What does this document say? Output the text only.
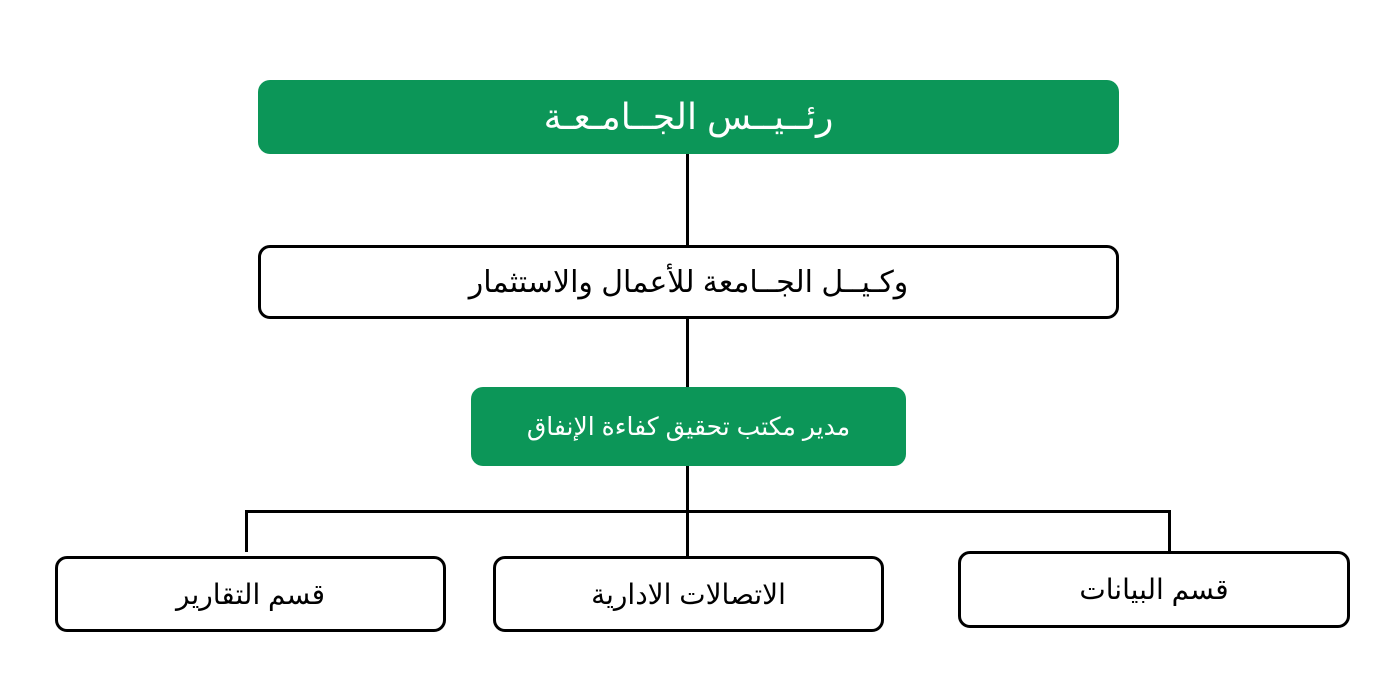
رئــيــس الجــامـعـة
وكـيــل الجــامعة للأعمال والاستثمار
مدير مكتب تحقيق كفاءة الإنفاق
قسم التقارير	الاتصالات الادارية	قسم البيانات
